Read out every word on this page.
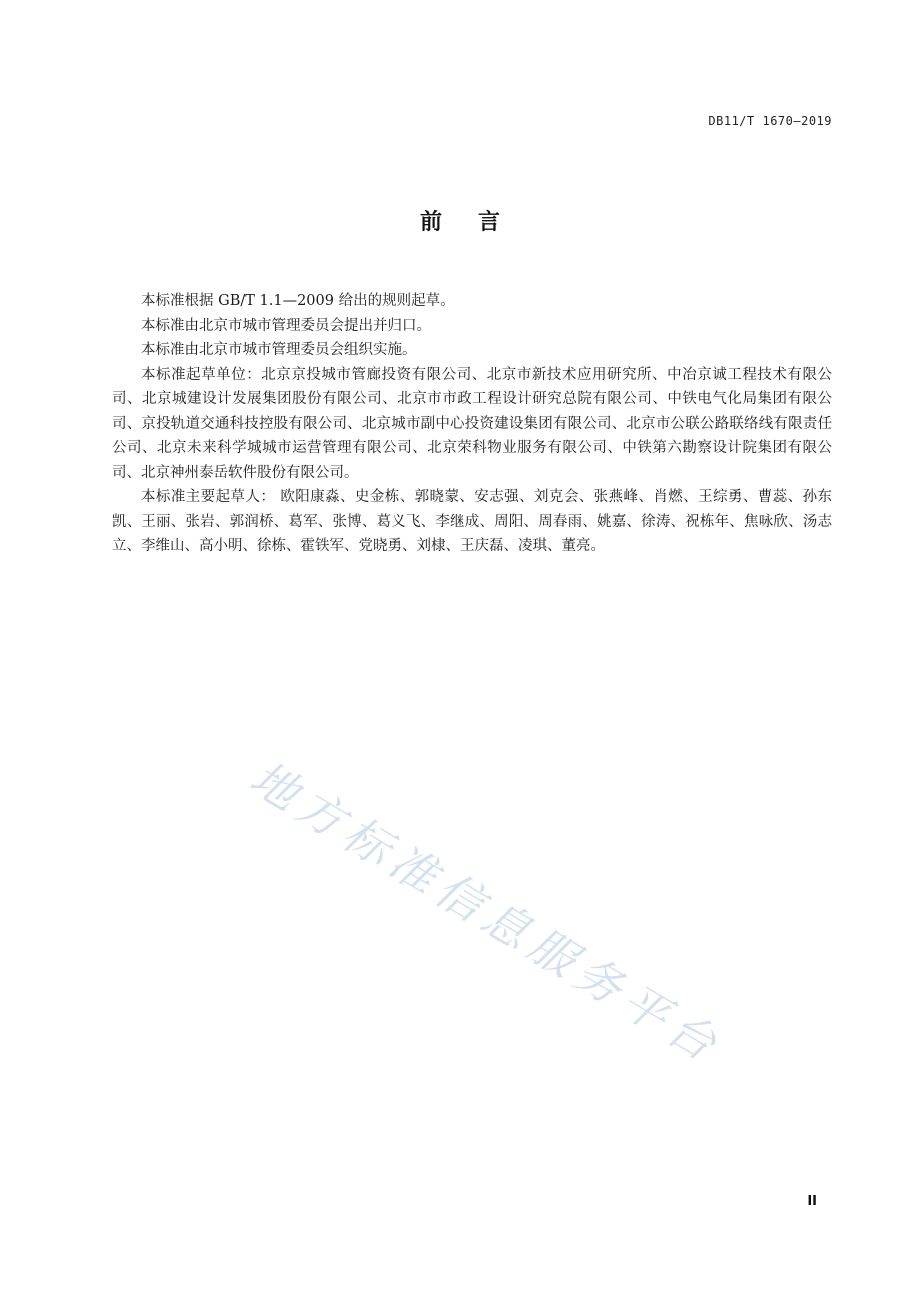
DB11/T 1670—2019
前言

本标准根据 GB/T 1.1—2009 给出的规则起草。

本标准由北京市城市管理委员会提出并归口。

本标准由北京市城市管理委员会组织实施。

本标准起草单位：北京京投城市管廊投资有限公司、北京市新技术应用研究所、中冶京诚工程技术有限公司、北京城建设计发展集团股份有限公司、北京市市政工程设计研究总院有限公司、中铁电气化局集团有限公司、京投轨道交通科技控股有限公司、北京城市副中心投资建设集团有限公司、北京市公联公路联络线有限责任公司、北京未来科学城城市运营管理有限公司、北京荣科物业服务有限公司、中铁第六勘察设计院集团有限公司、北京神州泰岳软件股份有限公司。

本标准主要起草人： 欧阳康淼、史金栋、郭晓蒙、安志强、刘克会、张燕峰、肖燃、王综勇、曹蕊、孙东凯、王丽、张岩、郭润桥、葛军、张博、葛义飞、李继成、周阳、周春雨、姚嘉、徐涛、祝栋年、焦咏欣、汤志立、李维山、高小明、徐栋、霍铁军、党晓勇、刘棣、王庆磊、凌琪、董亮。

地方标准信息服务平台
II
